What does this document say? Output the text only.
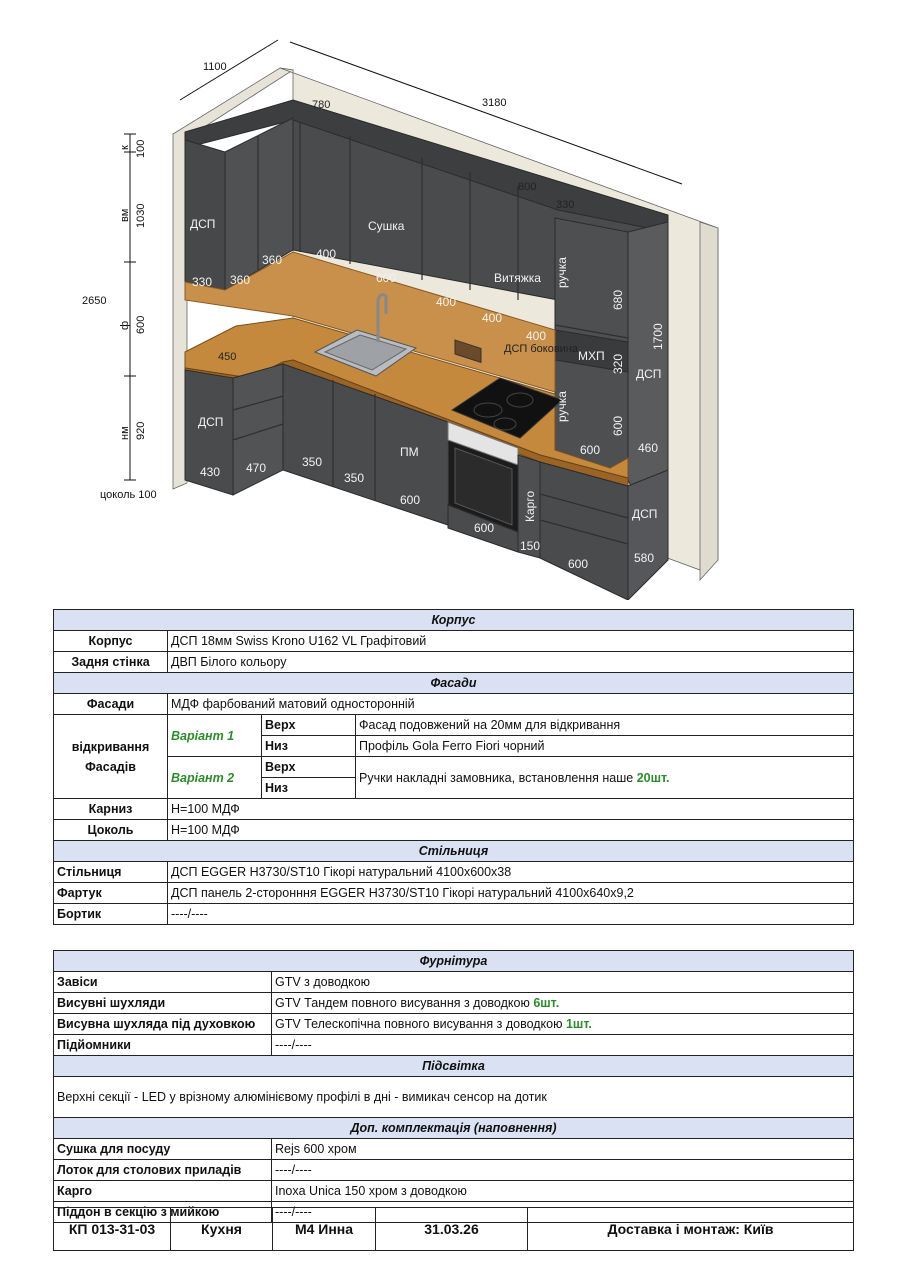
1100
3180
2650
к 100
вм 1030
ф 600
нм 920
цоколь 100
780
800
330
ДСП
330 360
360	400
Сушка
600
400
Витяжка
400
400
ручка
680
1700
ДСП боковина МХП 320 ДСП
ручка
600
600	460
450
ДСП
430 470	350
350
ПМ
600
600
Карго
150
ДСП
600	580
Корпус			
Корпус	ДСП 18мм Swiss Krono U162 VL Графітовий		
Задня стінка	ДВП Білого кольору		
Фасади			
Фасади	МДФ фарбований матовий односторонній		
відкривання Фасадів	Варіант 1	Верх	Фасад подовжений на 20мм для відкривання
		Низ	Профіль Gola Ferro Fiori чорний
	Варіант 2	Верх	Ручки накладні замовника, встановлення наше 20шт.
		Низ	
Карниз	Н=100 МДФ		
Цоколь	Н=100 МДФ		
Стільниця			
Стільниця	ДСП EGGER H3730/ST10 Гікорі натуральний 4100х600х38		
Фартук	ДСП панель 2-сторонння EGGER H3730/ST10 Гікорі натуральний 4100х640х9,2		
Бортик	----/----		
Фурнітура	
Завіси	GTV з доводкою
Висувні шухляди	GTV Тандем повного висування з доводкою 6шт.
Висувна шухляда під духовкою	GTV Телескопічна повного висування з доводкою 1шт.
Підйомники	----/----
Підсвітка	
Верхні секції - LED у врізному алюмінієвому профілі в дні - вимикач сенсор на дотик	
Доп. комплектація (наповнення)	
Сушка для посуду	Rejs 600 хром
Лоток для столових приладів	----/----
Карго	Inoxa Unica 150 хром з доводкою
Піддон в секцію з мийкою	----/----
КП 013-31-03	Кухня	М4 Инна	31.03.26	Доставка і монтаж: Київ
